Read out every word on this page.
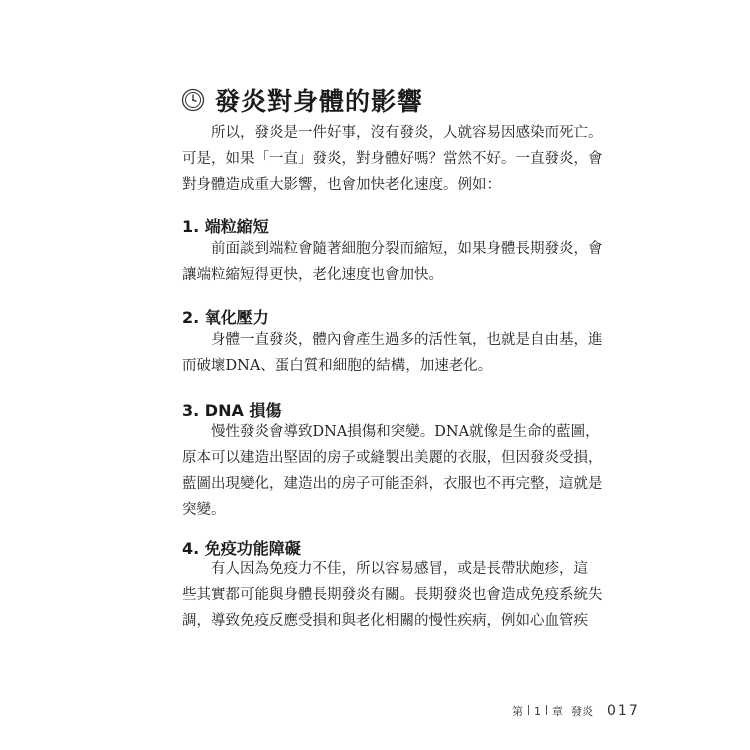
發炎對身體的影響

所以，發炎是一件好事，沒有發炎，人就容易因感染而死亡。
可是，如果「一直」發炎，對身體好嗎？當然不好。一直發炎，會
對身體造成重大影響，也會加快老化速度。例如：

1. 端粒縮短

前面談到端粒會隨著細胞分裂而縮短，如果身體長期發炎，會
讓端粒縮短得更快，老化速度也會加快。

2. 氧化壓力

身體一直發炎，體內會產生過多的活性氧，也就是自由基，進
而破壞DNA、蛋白質和細胞的結構，加速老化。

3. DNA 損傷

慢性發炎會導致DNA損傷和突變。DNA就像是生命的藍圖，
原本可以建造出堅固的房子或縫製出美麗的衣服，但因發炎受損，
藍圖出現變化，建造出的房子可能歪斜，衣服也不再完整，這就是
突變。

4. 免疫功能障礙

有人因為免疫力不佳，所以容易感冒，或是長帶狀皰疹，這
些其實都可能與身體長期發炎有關。長期發炎也會造成免疫系統失
調，導致免疫反應受損和與老化相關的慢性疾病，例如心血管疾

第 1 章 發炎 017
